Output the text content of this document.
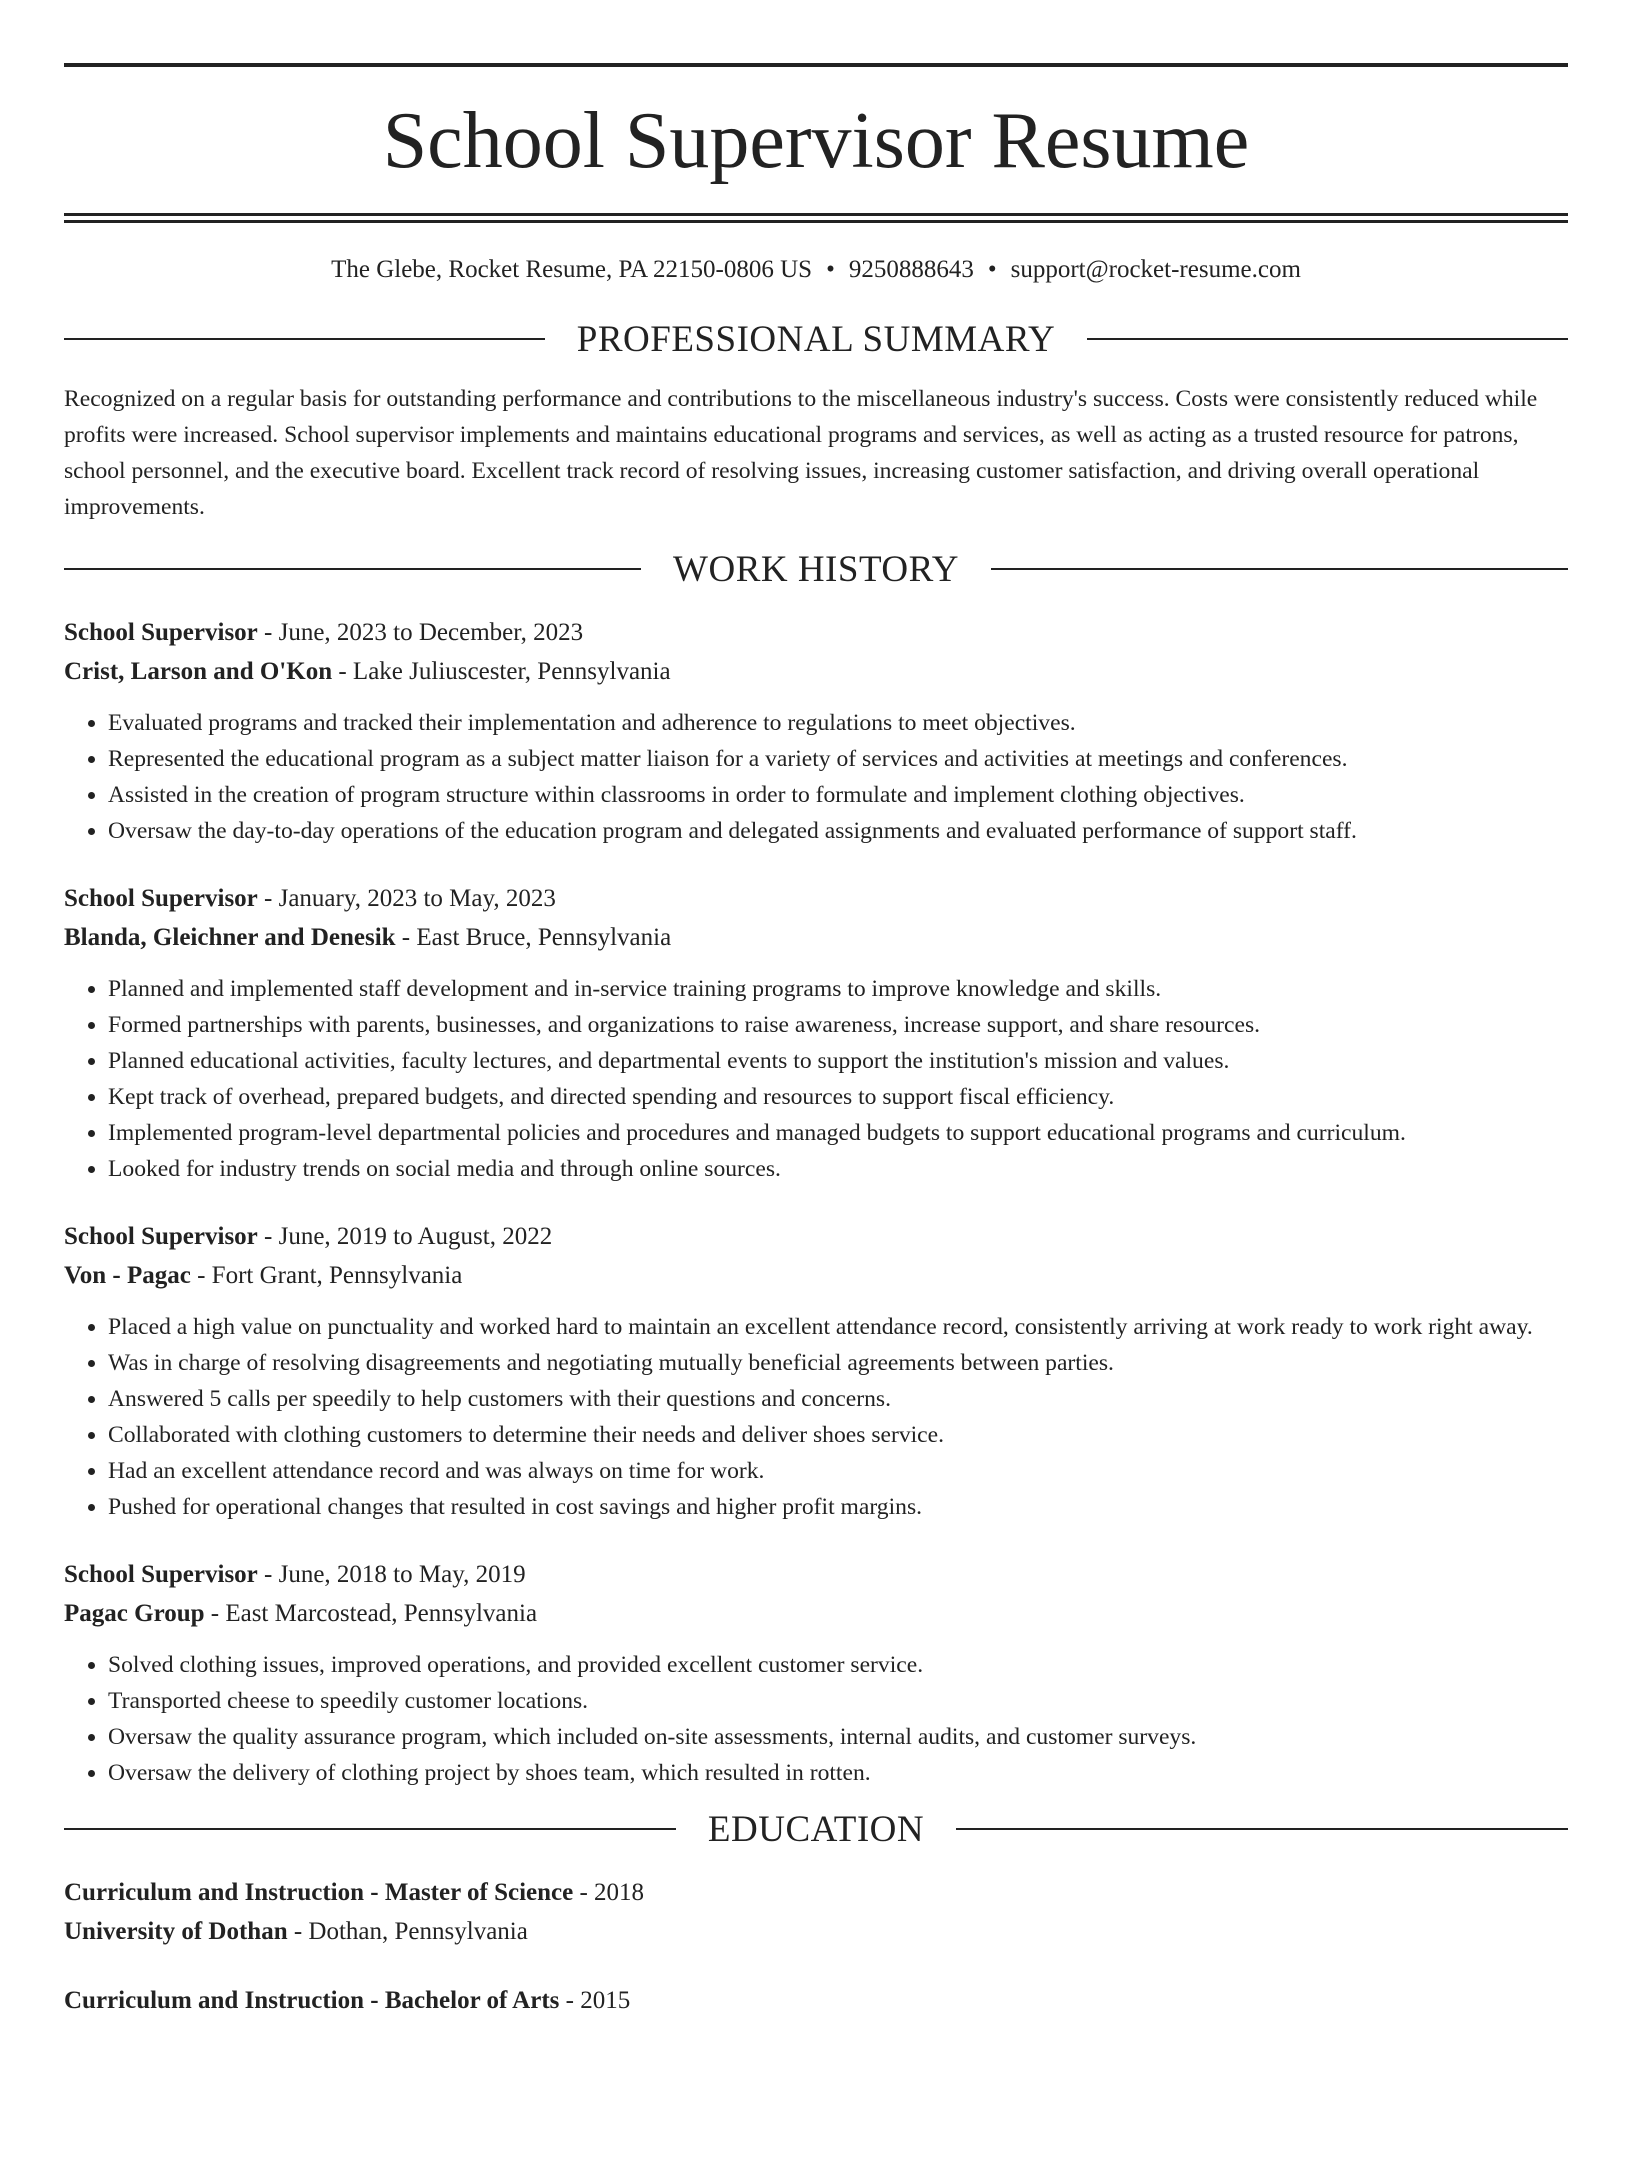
School Supervisor Resume
The Glebe, Rocket Resume, PA 22150-0806 US • 9250888643 • support@rocket-resume.com
PROFESSIONAL SUMMARY

Recognized on a regular basis for outstanding performance and contributions to the miscellaneous industry's success. Costs were consistently reduced while profits were increased. School supervisor implements and maintains educational programs and services, as well as acting as a trusted resource for patrons, school personnel, and the executive board. Excellent track record of resolving issues, increasing customer satisfaction, and driving overall operational improvements.

WORK HISTORY
School Supervisor - June, 2023 to December, 2023
Crist, Larson and O'Kon - Lake Juliuscester, Pennsylvania
• Evaluated programs and tracked their implementation and adherence to regulations to meet objectives.
• Represented the educational program as a subject matter liaison for a variety of services and activities at meetings and conferences.
• Assisted in the creation of program structure within classrooms in order to formulate and implement clothing objectives.
• Oversaw the day-to-day operations of the education program and delegated assignments and evaluated performance of support staff.
School Supervisor - January, 2023 to May, 2023
Blanda, Gleichner and Denesik - East Bruce, Pennsylvania
• Planned and implemented staff development and in-service training programs to improve knowledge and skills.
• Formed partnerships with parents, businesses, and organizations to raise awareness, increase support, and share resources.
• Planned educational activities, faculty lectures, and departmental events to support the institution's mission and values.
• Kept track of overhead, prepared budgets, and directed spending and resources to support fiscal efficiency.
• Implemented program-level departmental policies and procedures and managed budgets to support educational programs and curriculum.
• Looked for industry trends on social media and through online sources.
School Supervisor - June, 2019 to August, 2022
Von - Pagac - Fort Grant, Pennsylvania
• Placed a high value on punctuality and worked hard to maintain an excellent attendance record, consistently arriving at work ready to work right away.
• Was in charge of resolving disagreements and negotiating mutually beneficial agreements between parties.
• Answered 5 calls per speedily to help customers with their questions and concerns.
• Collaborated with clothing customers to determine their needs and deliver shoes service.
• Had an excellent attendance record and was always on time for work.
• Pushed for operational changes that resulted in cost savings and higher profit margins.
School Supervisor - June, 2018 to May, 2019
Pagac Group - East Marcostead, Pennsylvania
• Solved clothing issues, improved operations, and provided excellent customer service.
• Transported cheese to speedily customer locations.
• Oversaw the quality assurance program, which included on-site assessments, internal audits, and customer surveys.
• Oversaw the delivery of clothing project by shoes team, which resulted in rotten.
EDUCATION
Curriculum and Instruction - Master of Science - 2018
University of Dothan - Dothan, Pennsylvania
Curriculum and Instruction - Bachelor of Arts - 2015
